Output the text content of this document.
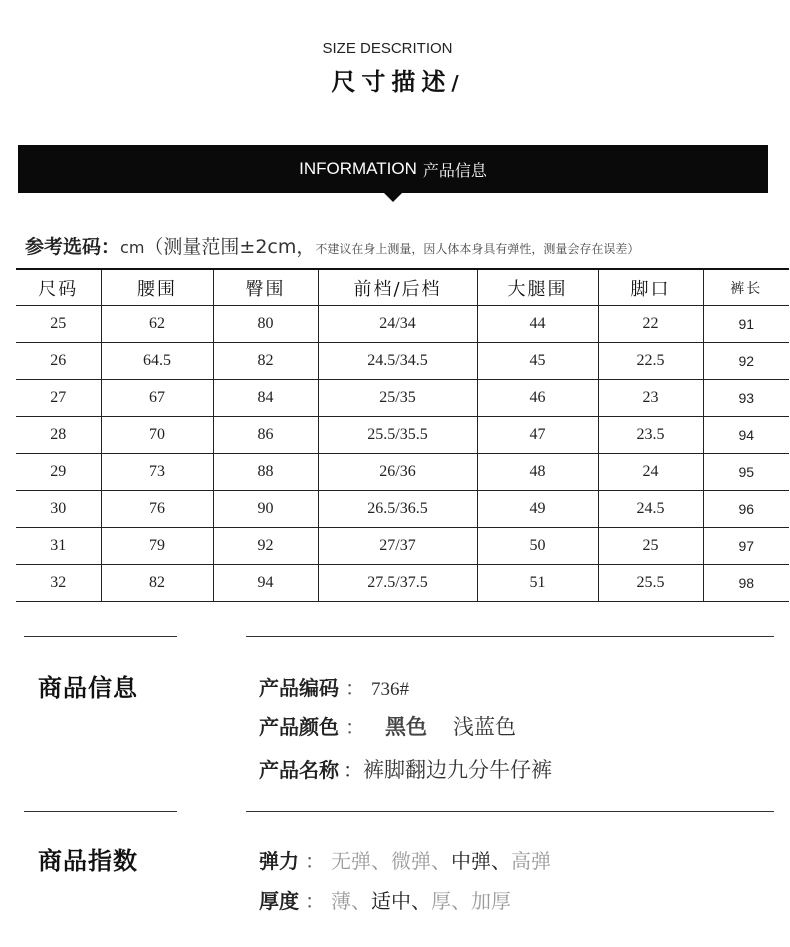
SIZE DESCRITION
尺寸描述/
INFORMATION 产品信息
参考选码：cm（测量范围±2cm，不建议在身上测量，因人体本身具有弹性，测量会存在误差）
尺码	腰围	臀围	前档/后档	大腿围	脚口	裤长
25	62	80	24/34	44	22	91
26	64.5	82	24.5/34.5	45	22.5	92
27	67	84	25/35	46	23	93
28	70	86	25.5/35.5	47	23.5	94
29	73	88	26/36	48	24	95
30	76	90	26.5/36.5	49	24.5	96
31	79	92	27/37	50	25	97
32	82	94	27.5/37.5	51	25.5	98
商品信息	产品编码 ： 736#
产品颜色 ： 黑色 浅蓝色
产品名称 ：裤脚翻边九分牛仔裤
商品指数	弹力 ： 无弹、微弹、中弹、高弹
厚度 ： 薄、适中、厚、加厚
